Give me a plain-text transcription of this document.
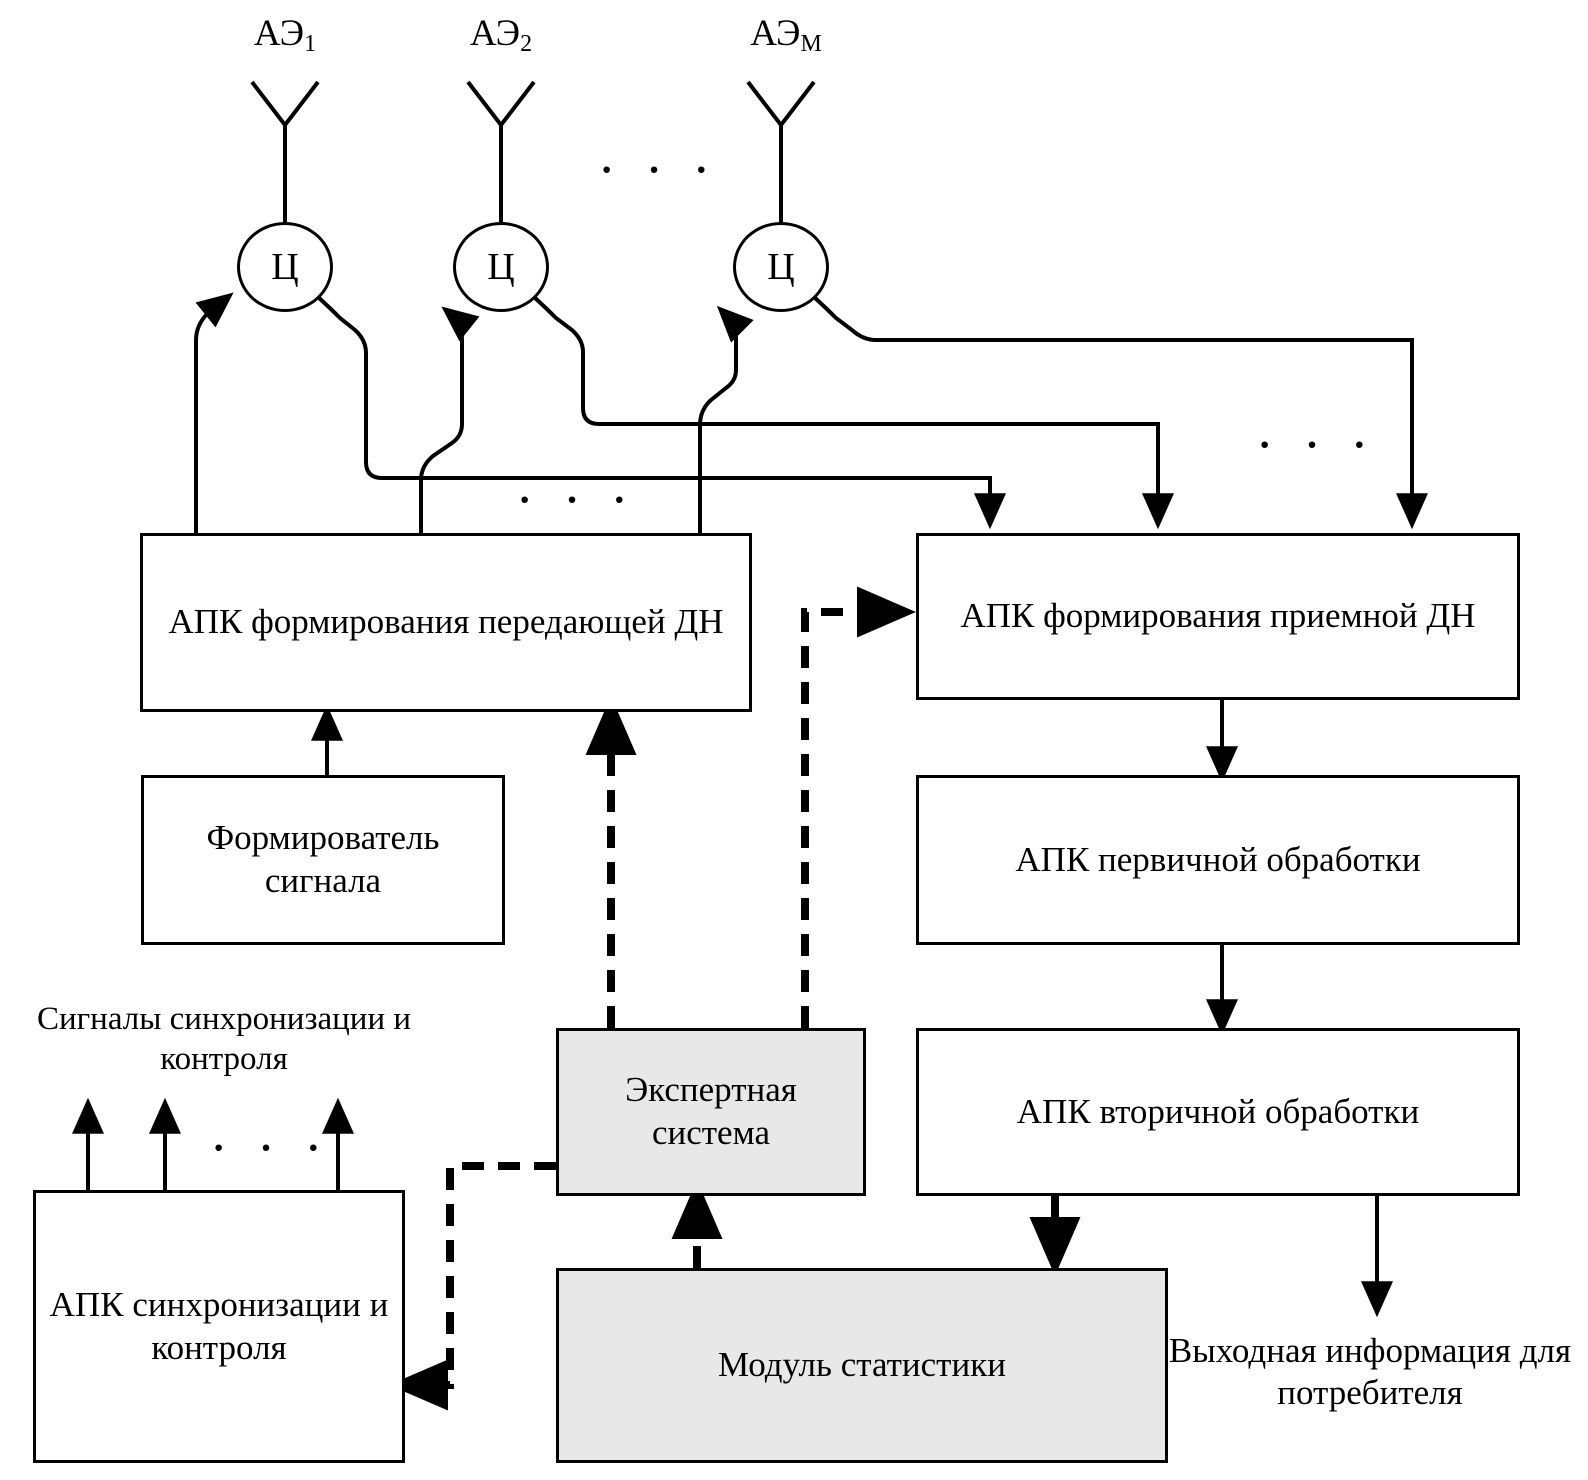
$АЭ_1$	$АЭ_2$	$АЭ_M$
Ц	Ц	Ц
· · ·
· · ·
· · ·
· · ·
АПК формирования передающей ДН	АПК формирования приемной ДН
Формирователь сигнала
АПК первичной обработки
АПК вторичной обработки
Экспертная система
Модуль статистики
АПК синхронизации и контроля
Сигналы синхронизации и контроля
Выходная информация для потребителя
